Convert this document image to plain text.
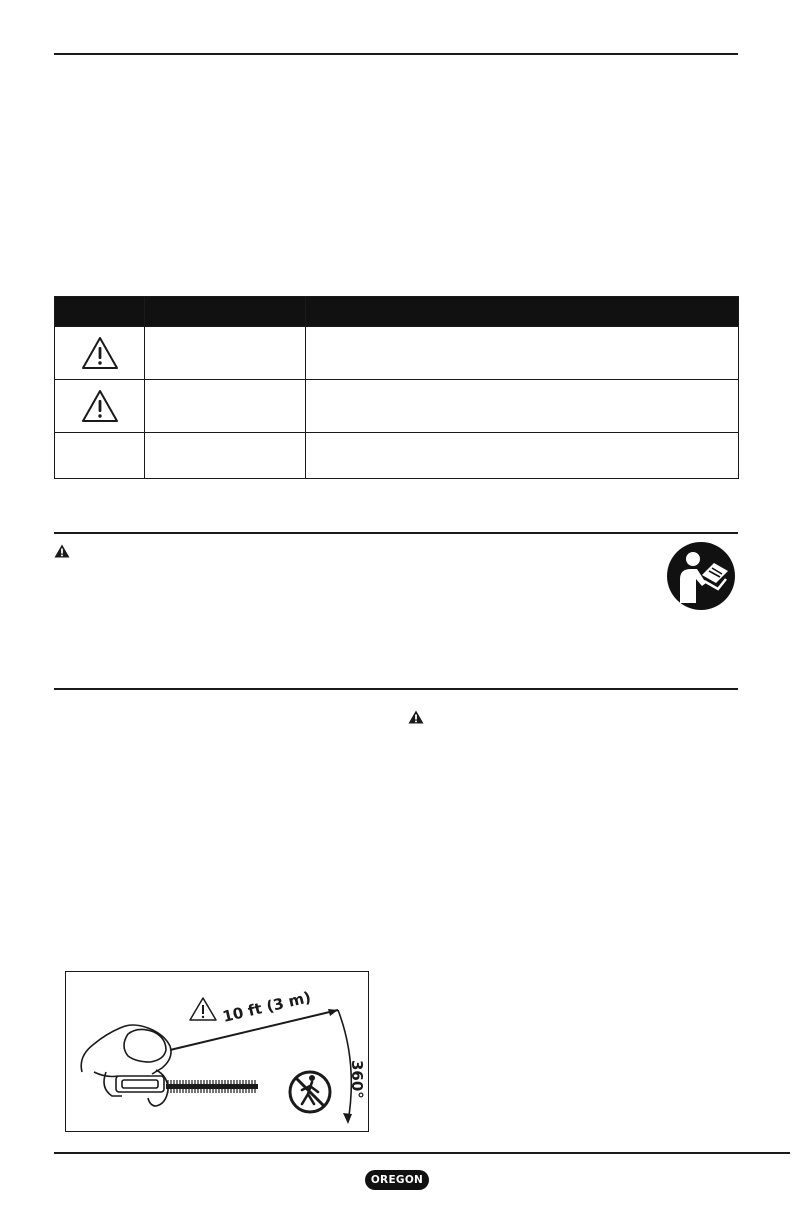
10 ft (3 m)
360°
OREGON
